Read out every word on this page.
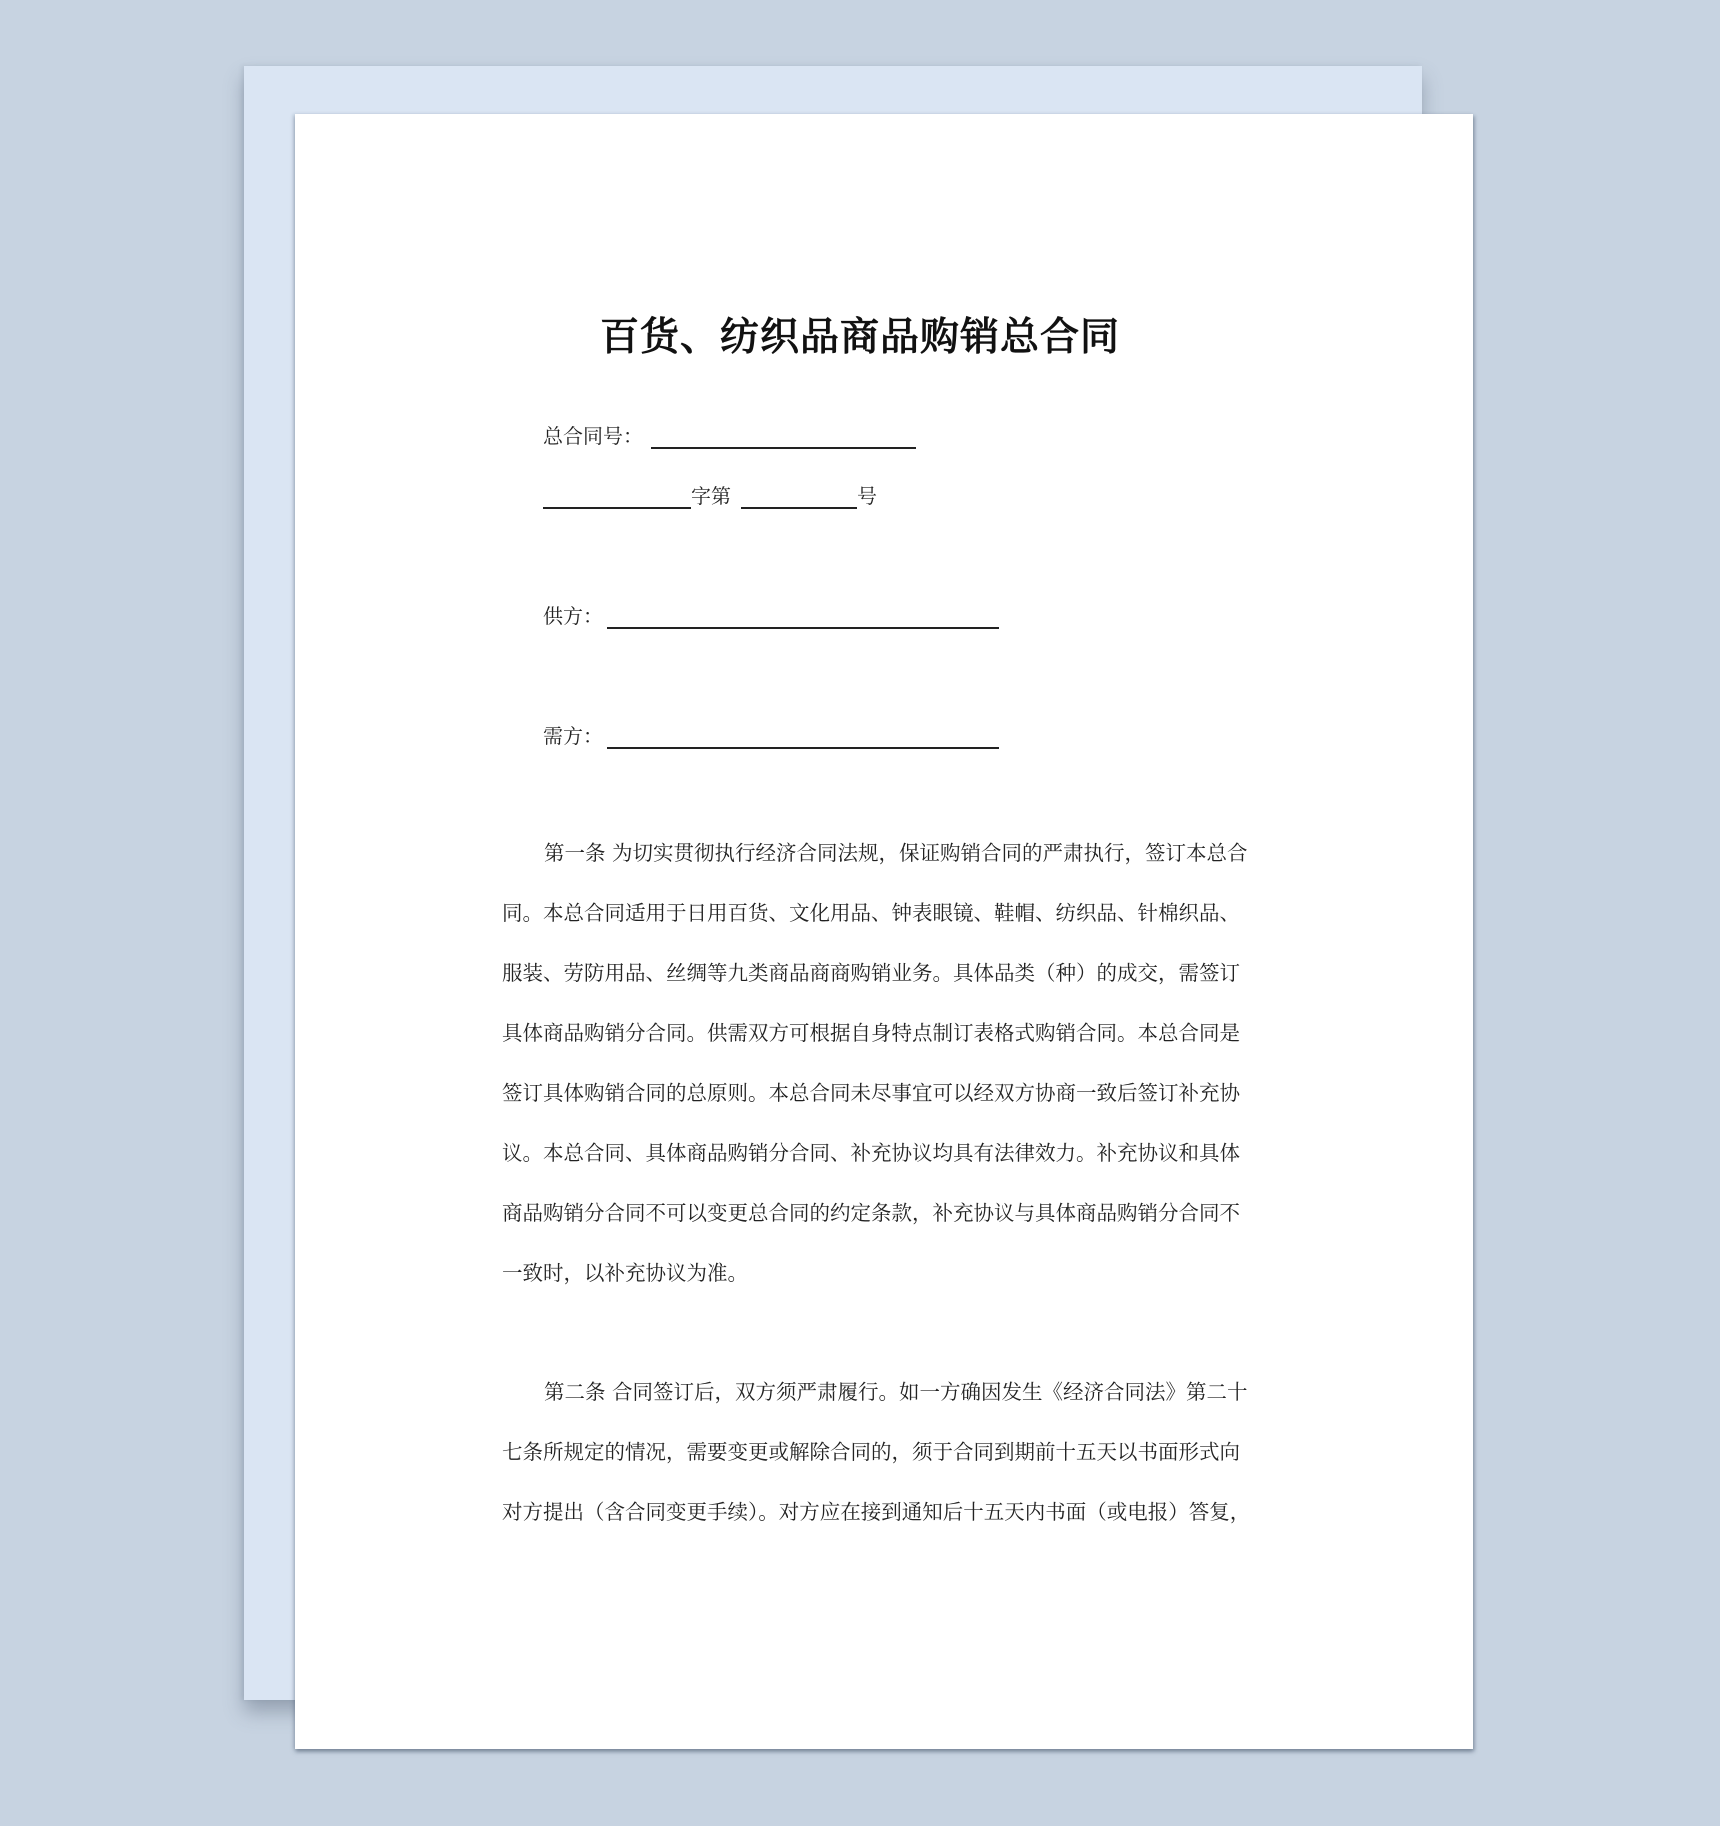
百货、纺织品商品购销总合同
总合同号：
字第	号
供方：
需方：
第一条 为切实贯彻执行经济合同法规，保证购销合同的严肃执行，签订本总合
同。本总合同适用于日用百货、文化用品、钟表眼镜、鞋帽、纺织品、针棉织品、
服装、劳防用品、丝绸等九类商品商商购销业务。具体品类（种）的成交，需签订
具体商品购销分合同。供需双方可根据自身特点制订表格式购销合同。本总合同是
签订具体购销合同的总原则。本总合同未尽事宜可以经双方协商一致后签订补充协
议。本总合同、具体商品购销分合同、补充协议均具有法律效力。补充协议和具体
商品购销分合同不可以变更总合同的约定条款，补充协议与具体商品购销分合同不
一致时，以补充协议为准。
第二条 合同签订后，双方须严肃履行。如一方确因发生《经济合同法》第二十
七条所规定的情况，需要变更或解除合同的，须于合同到期前十五天以书面形式向
对方提出（含合同变更手续）。对方应在接到通知后十五天内书面（或电报）答复，
